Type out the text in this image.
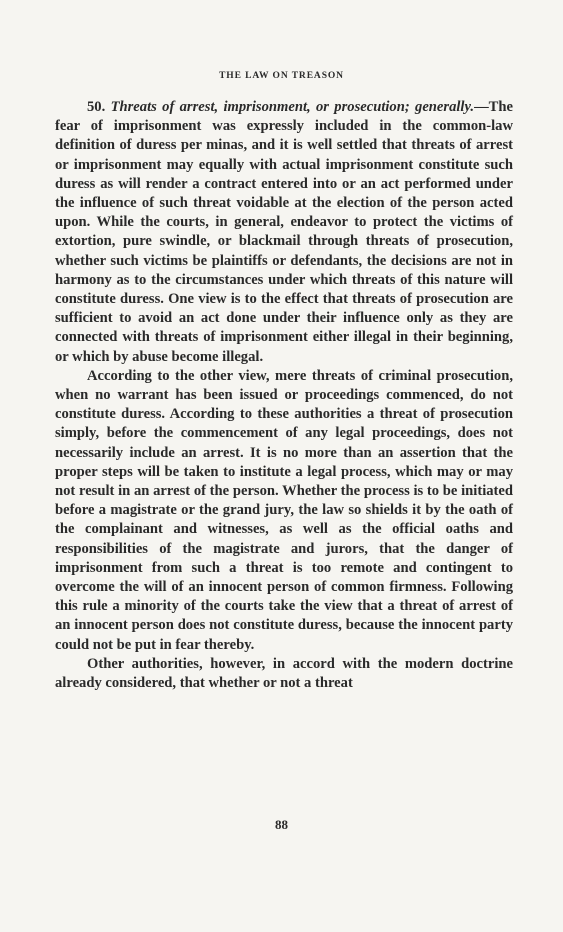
THE LAW ON TREASON

50. Threats of arrest, imprisonment, or prosecution; generally.—The fear of imprisonment was expressly included in the common-law definition of duress per minas, and it is well settled that threats of arrest or imprisonment may equally with actual imprisonment constitute such duress as will render a contract entered into or an act performed under the influence of such threat voidable at the election of the person acted upon. While the courts, in general, endeavor to protect the victims of extortion, pure swindle, or blackmail through threats of prosecution, whether such victims be plaintiffs or defendants, the decisions are not in harmony as to the circumstances under which threats of this nature will constitute duress. One view is to the effect that threats of prosecution are sufficient to avoid an act done under their influence only as they are connected with threats of imprisonment either illegal in their beginning, or which by abuse become illegal.

According to the other view, mere threats of criminal prosecution, when no warrant has been issued or proceedings commenced, do not constitute duress. According to these authorities a threat of prosecution simply, before the commencement of any legal proceedings, does not necessarily include an arrest. It is no more than an assertion that the proper steps will be taken to institute a legal process, which may or may not result in an arrest of the person. Whether the process is to be initiated before a magistrate or the grand jury, the law so shields it by the oath of the complainant and witnesses, as well as the official oaths and responsibilities of the magistrate and jurors, that the danger of imprisonment from such a threat is too remote and contingent to overcome the will of an innocent person of common firmness. Following this rule a minority of the courts take the view that a threat of arrest of an innocent person does not constitute duress, because the innocent party could not be put in fear thereby.

Other authorities, however, in accord with the modern doctrine already considered, that whether or not a threat

88
